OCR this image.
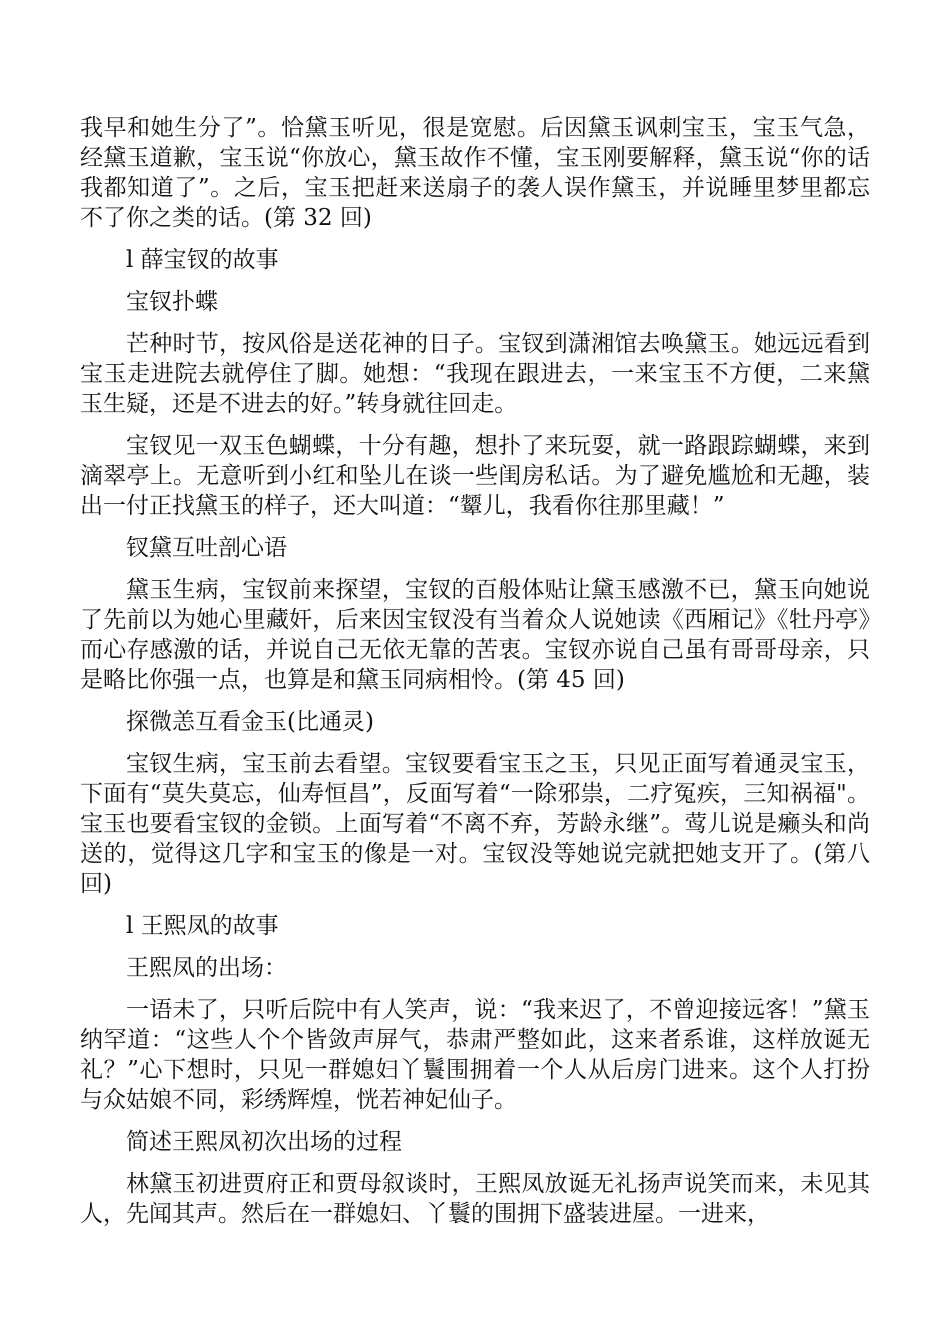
我早和她生分了”。恰黛玉听见，很是宽慰。后因黛玉讽刺宝玉，宝玉气急，经黛玉道歉，宝玉说“你放心，黛玉故作不懂，宝玉刚要解释，黛玉说“你的话我都知道了”。之后，宝玉把赶来送扇子的袭人误作黛玉，并说睡里梦里都忘不了你之类的话。(第 32 回)

l 薛宝钗的故事

宝钗扑蝶

芒种时节，按风俗是送花神的日子。宝钗到潇湘馆去唤黛玉。她远远看到宝玉走进院去就停住了脚。她想：“我现在跟进去，一来宝玉不方便，二来黛玉生疑，还是不进去的好。”转身就往回走。

宝钗见一双玉色蝴蝶，十分有趣，想扑了来玩耍，就一路跟踪蝴蝶，来到滴翠亭上。无意听到小红和坠儿在谈一些闺房私话。为了避免尴尬和无趣，装出一付正找黛玉的样子，还大叫道：“颦儿，我看你往那里藏！”

钗黛互吐剖心语

黛玉生病，宝钗前来探望，宝钗的百般体贴让黛玉感激不已，黛玉向她说了先前以为她心里藏奸，后来因宝钗没有当着众人说她读《西厢记》《牡丹亭》而心存感激的话，并说自己无依无靠的苦衷。宝钗亦说自己虽有哥哥母亲，只是略比你强一点，也算是和黛玉同病相怜。(第 45 回)

探微恙互看金玉(比通灵)

宝钗生病，宝玉前去看望。宝钗要看宝玉之玉，只见正面写着通灵宝玉，下面有“莫失莫忘，仙寿恒昌”，反面写着“一除邪祟，二疗冤疾，三知祸福"。宝玉也要看宝钗的金锁。上面写着“不离不弃，芳龄永继”。莺儿说是癞头和尚送的，觉得这几字和宝玉的像是一对。宝钗没等她说完就把她支开了。(第八回)

l 王熙凤的故事

王熙凤的出场：

一语未了，只听后院中有人笑声，说：“我来迟了，不曾迎接远客！”黛玉纳罕道：“这些人个个皆敛声屏气，恭肃严整如此，这来者系谁，这样放诞无礼？”心下想时，只见一群媳妇丫鬟围拥着一个人从后房门进来。这个人打扮与众姑娘不同，彩绣辉煌，恍若神妃仙子。

简述王熙凤初次出场的过程

林黛玉初进贾府正和贾母叙谈时，王熙凤放诞无礼扬声说笑而来，未见其人，先闻其声。然后在一群媳妇、丫鬟的围拥下盛装进屋。一进来，
